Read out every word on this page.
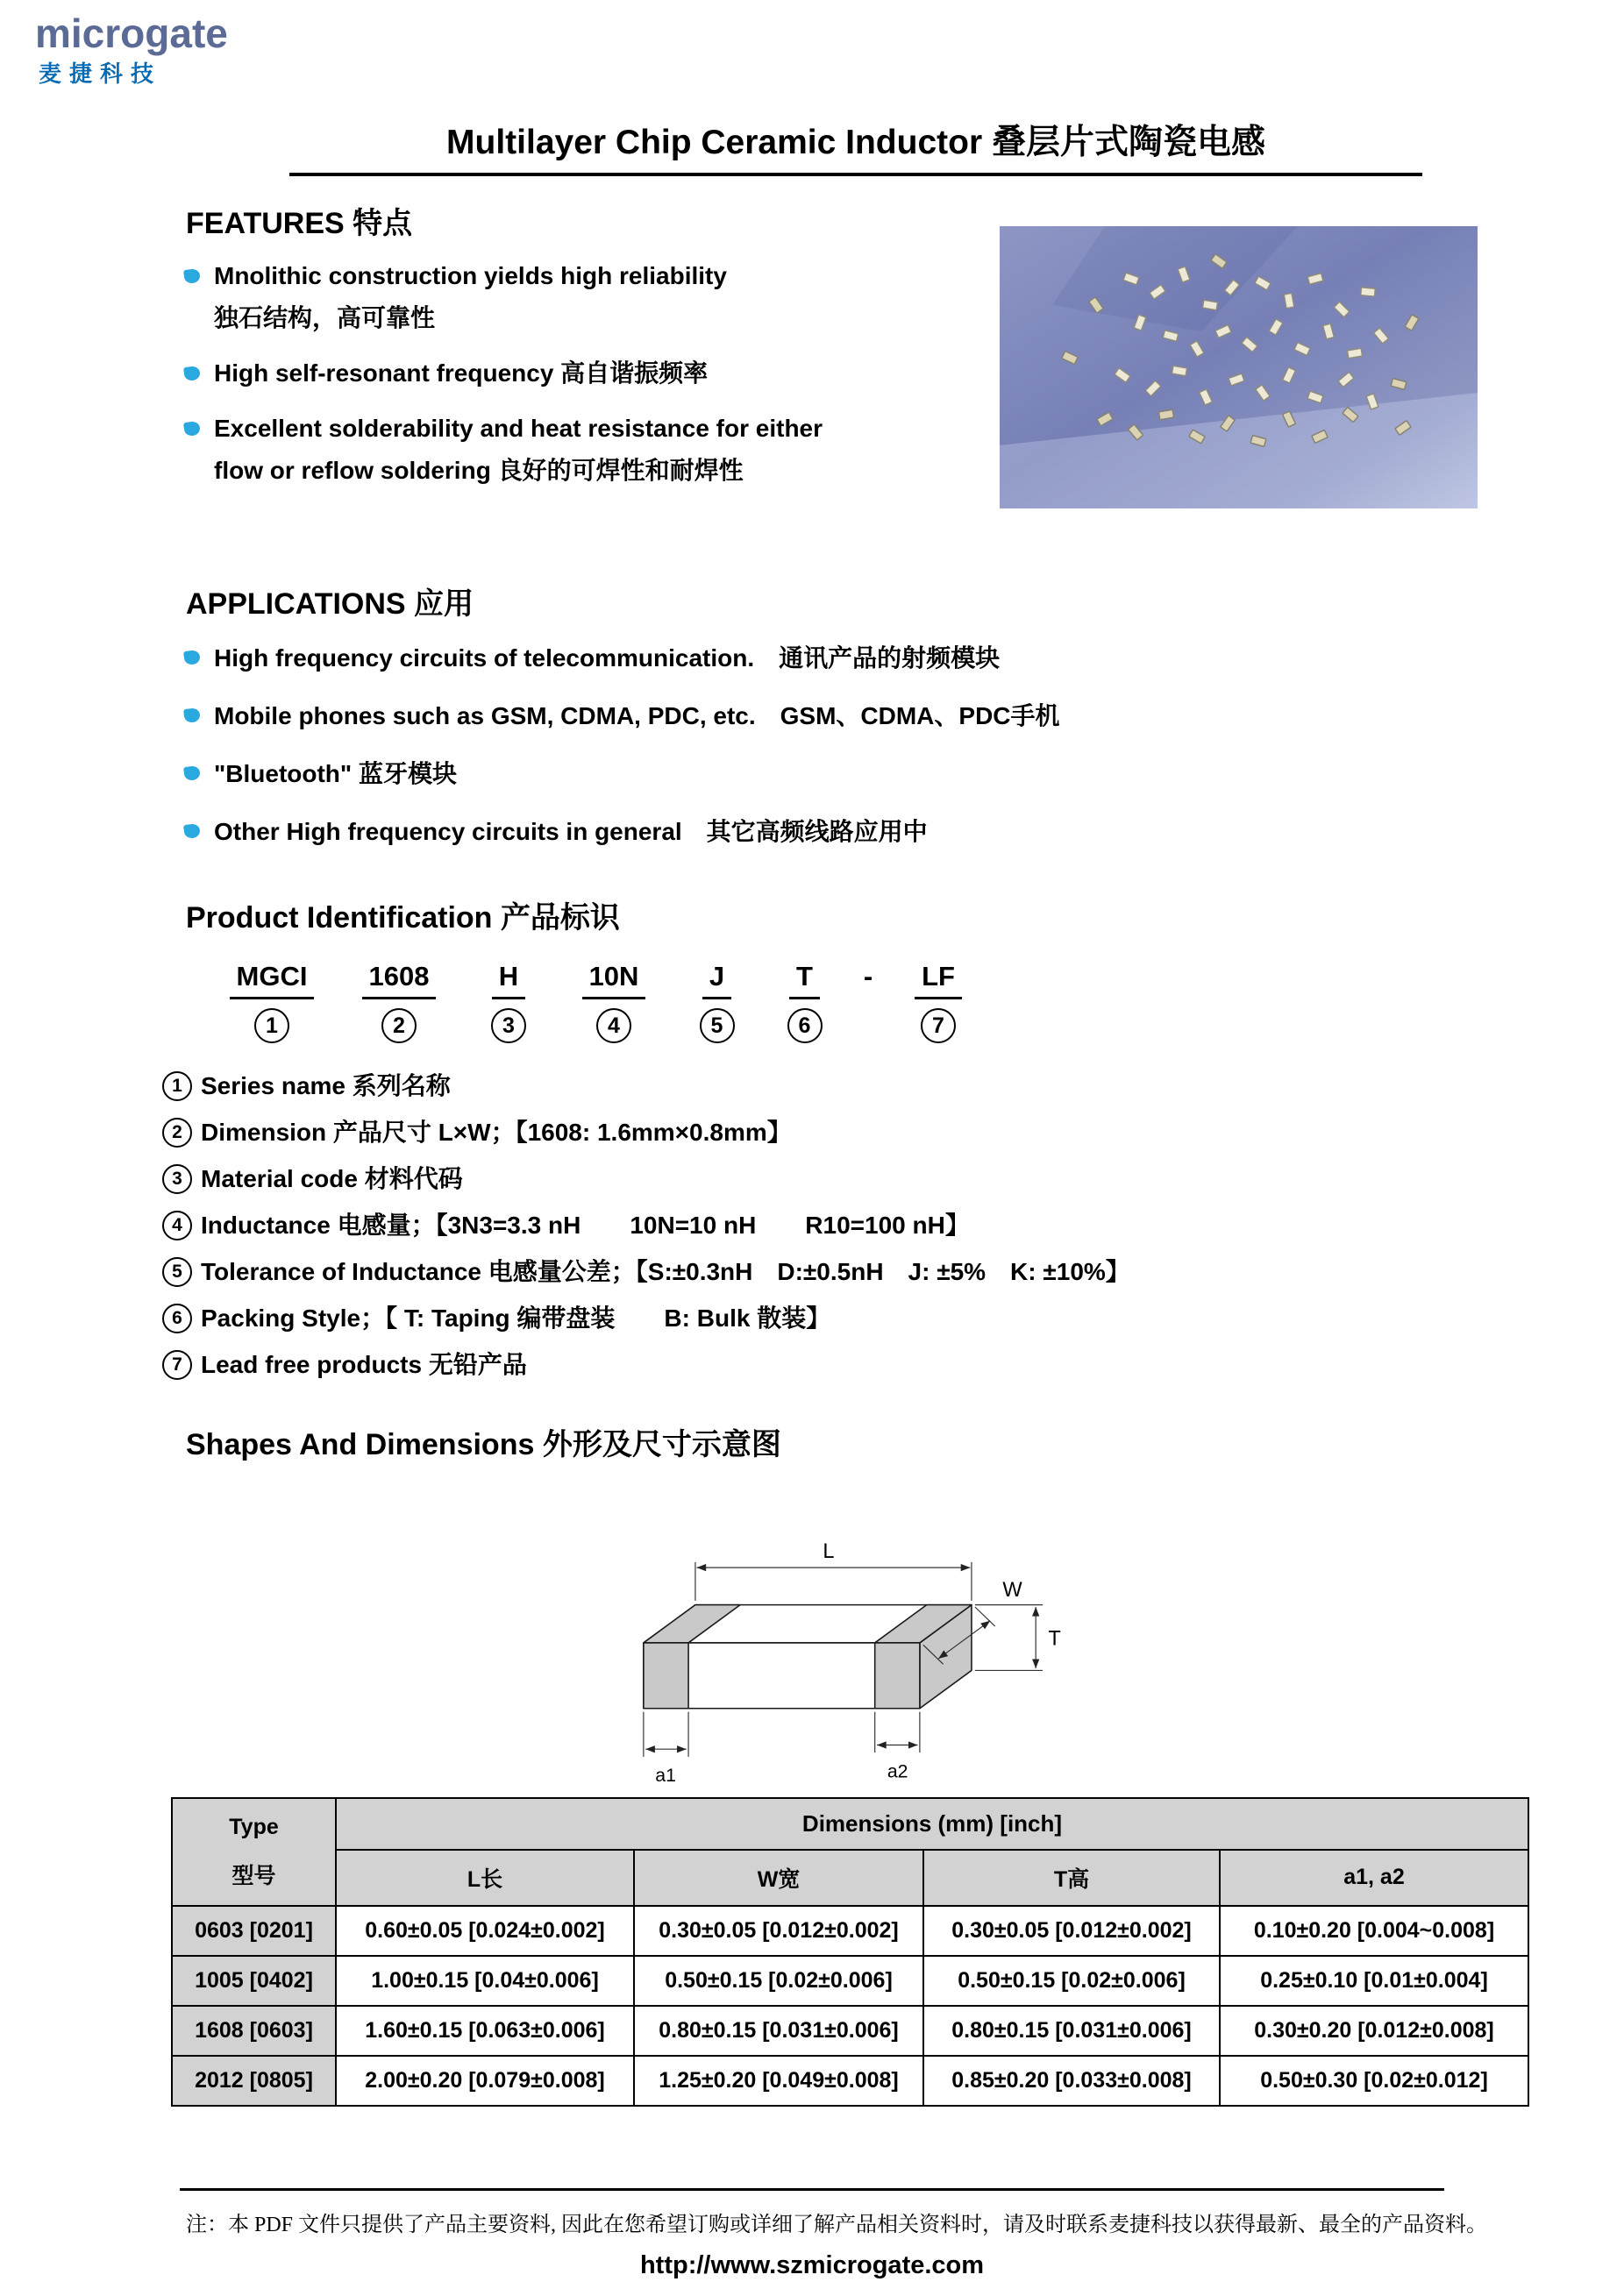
microgate
麦捷科技
Multilayer Chip Ceramic Inductor 叠层片式陶瓷电感
FEATURES 特点
Mnolithic construction yields high reliability
独石结构，高可靠性
High self-resonant frequency 高自谐振频率
Excellent solderability and heat resistance for either
flow or reflow soldering 良好的可焊性和耐焊性
APPLICATIONS 应用
High frequency circuits of telecommunication.　通讯产品的射频模块
Mobile phones such as GSM, CDMA, PDC, etc.　GSM、CDMA、PDC手机
"Bluetooth" 蓝牙模块
Other High frequency circuits in general　其它高频线路应用中
Product Identification 产品标识
MGCI
1
1608
2
H
3
10N
4
J
5
T
6
- LF
7
1 Series name 系列名称
2 Dimension 产品尺寸 L×W；【1608: 1.6mm×0.8mm】
3 Material code 材料代码
4 Inductance 电感量；【3N3=3.3 nH　　10N=10 nH　　R10=100 nH】
5 Tolerance of Inductance 电感量公差；【S:±0.3nH　D:±0.5nH　J: ±5%　K: ±10%】
6 Packing Style；【 T: Taping 编带盘装　　B: Bulk 散装】
7 Lead free products 无铅产品
Shapes And Dimensions 外形及尺寸示意图
L
W
T
a1	a2
Type
型号	Dimensions (mm) [inch]			
	L长	W宽	T高	a1, a2
0603 [0201]	0.60±0.05 [0.024±0.002]	0.30±0.05 [0.012±0.002]	0.30±0.05 [0.012±0.002]	0.10±0.20 [0.004~0.008]
1005 [0402]	1.00±0.15 [0.04±0.006]	0.50±0.15 [0.02±0.006]	0.50±0.15 [0.02±0.006]	0.25±0.10 [0.01±0.004]
1608 [0603]	1.60±0.15 [0.063±0.006]	0.80±0.15 [0.031±0.006]	0.80±0.15 [0.031±0.006]	0.30±0.20 [0.012±0.008]
2012 [0805]	2.00±0.20 [0.079±0.008]	1.25±0.20 [0.049±0.008]	0.85±0.20 [0.033±0.008]	0.50±0.30 [0.02±0.012]
注：本 PDF 文件只提供了产品主要资料, 因此在您希望订购或详细了解产品相关资料时，请及时联系麦捷科技以获得最新、最全的产品资料。
http://www.szmicrogate.com
